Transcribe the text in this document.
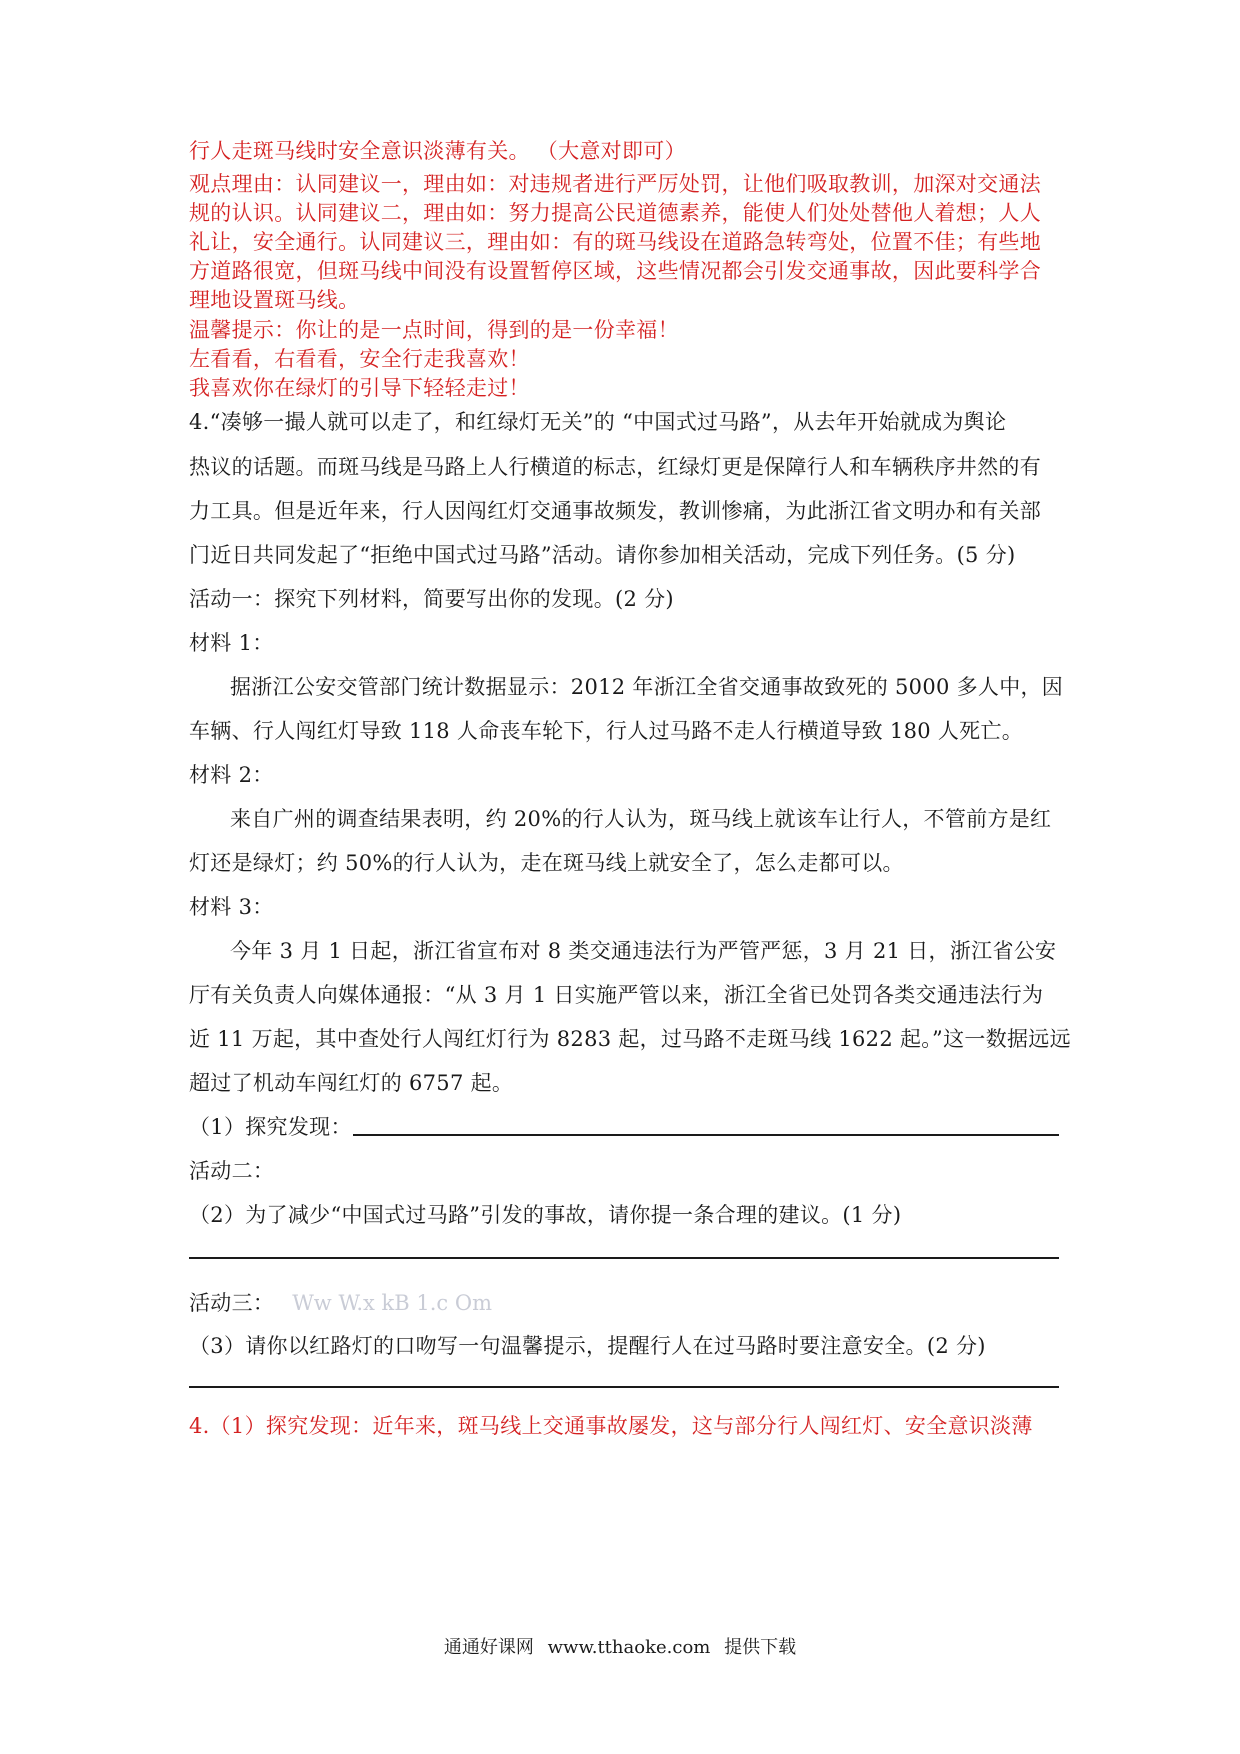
行人走斑马线时安全意识淡薄有关。 （大意对即可）
观点理由：认同建议一，理由如：对违规者进行严厉处罚，让他们吸取教训，加深对交通法
规的认识。认同建议二，理由如：努力提高公民道德素养，能使人们处处替他人着想；人人
礼让，安全通行。认同建议三，理由如：有的斑马线设在道路急转弯处，位置不佳；有些地
方道路很宽，但斑马线中间没有设置暂停区域，这些情况都会引发交通事故，因此要科学合
理地设置斑马线。
温馨提示：你让的是一点时间，得到的是一份幸福！
左看看，右看看，安全行走我喜欢！
我喜欢你在绿灯的引导下轻轻走过！
4.“凑够一撮人就可以走了，和红绿灯无关”的 “中国式过马路”，从去年开始就成为舆论
热议的话题。而斑马线是马路上人行横道的标志，红绿灯更是保障行人和车辆秩序井然的有
力工具。但是近年来，行人因闯红灯交通事故频发，教训惨痛，为此浙江省文明办和有关部
门近日共同发起了“拒绝中国式过马路”活动。请你参加相关活动，完成下列任务。(5 分)
活动一：探究下列材料，简要写出你的发现。(2 分)
材料 1：
据浙江公安交管部门统计数据显示：2012 年浙江全省交通事故致死的 5000 多人中，因
车辆、行人闯红灯导致 118 人命丧车轮下，行人过马路不走人行横道导致 180 人死亡。
材料 2：
来自广州的调查结果表明，约 20%的行人认为，斑马线上就该车让行人，不管前方是红
灯还是绿灯；约 50%的行人认为，走在斑马线上就安全了，怎么走都可以。
材料 3：
今年 3 月 1 日起，浙江省宣布对 8 类交通违法行为严管严惩，3 月 21 日，浙江省公安
厅有关负责人向媒体通报：“从 3 月 1 日实施严管以来，浙江全省已处罚各类交通违法行为
近 11 万起，其中查处行人闯红灯行为 8283 起，过马路不走斑马线 1622 起。”这一数据远远
超过了机动车闯红灯的 6757 起。
（1）探究发现：
活动二：
（2）为了减少“中国式过马路”引发的事故，请你提一条合理的建议。(1 分)
活动三： Ww W.x kB 1.c Om
（3）请你以红路灯的口吻写一句温馨提示，提醒行人在过马路时要注意安全。(2 分)
4.（1）探究发现：近年来，斑马线上交通事故屡发，这与部分行人闯红灯、安全意识淡薄
通通好课网 www.tthaoke.com 提供下载
